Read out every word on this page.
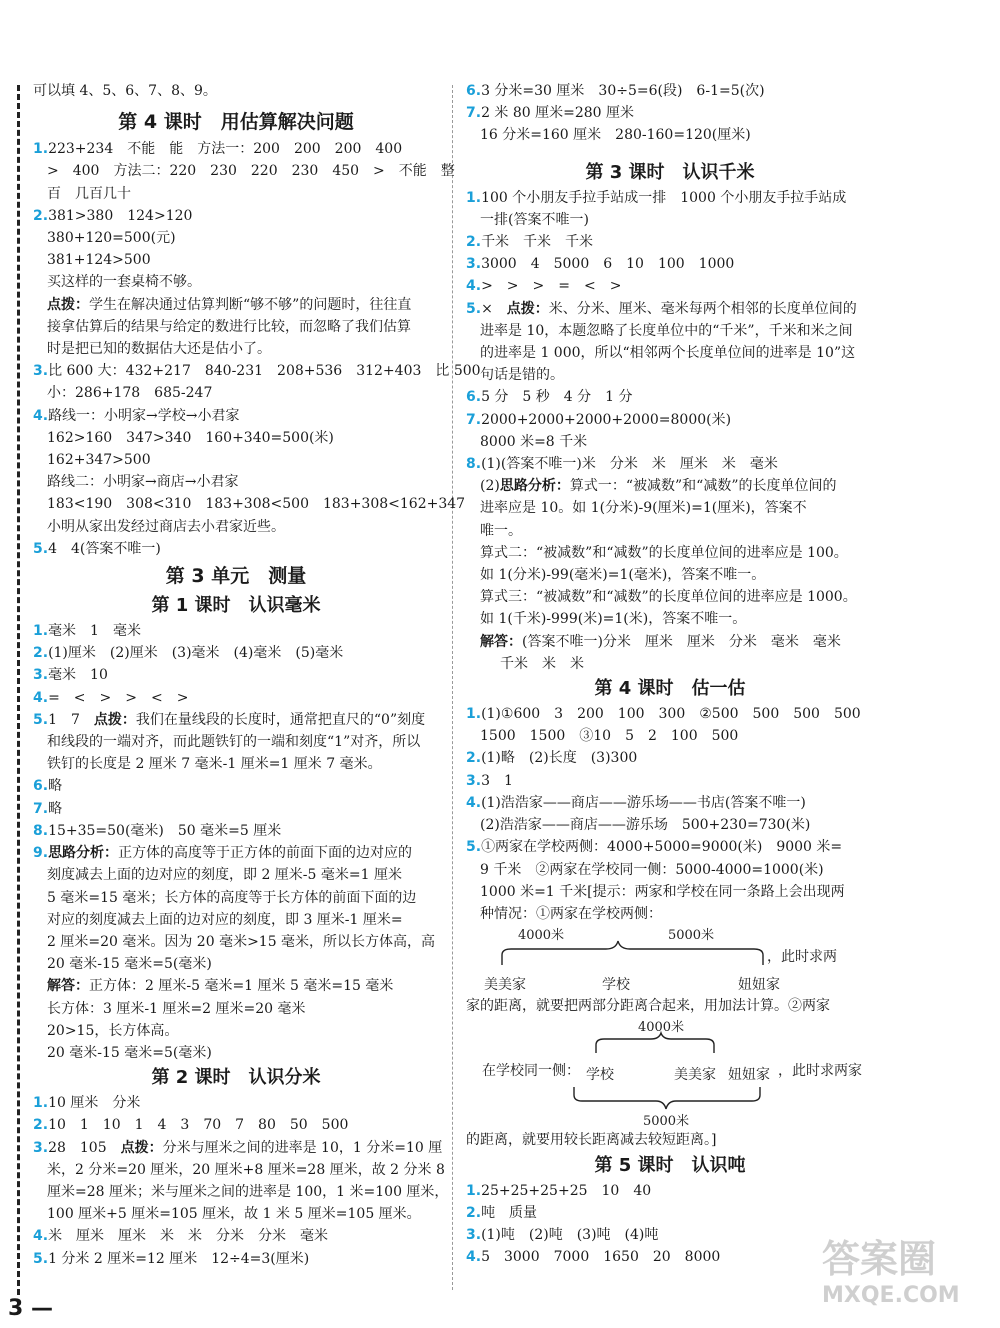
可以填 4、5、6、7、8、9。
第 4 课时　用估算解决问题
1.223+234　不能　能　方法一：200　200　200　400
>　400　方法二：220　230　220　230　450　>　不能　整
百　几百几十
2.381>380　124>120
380+120=500(元)
381+124>500
买这样的一套桌椅不够。
点拨：学生在解决通过估算判断“够不够”的问题时，往往直
接拿估算后的结果与给定的数进行比较，而忽略了我们估算
时是把已知的数据估大还是估小了。
3.比 600 大：432+217　840-231　208+536　312+403　比 500
小：286+178　685-247
4.路线一：小明家→学校→小君家
162>160　347>340　160+340=500(米)
162+347>500
路线二：小明家→商店→小君家
183<190　308<310　183+308<500　183+308<162+347
小明从家出发经过商店去小君家近些。
5.4　4(答案不唯一)
第 3 单元　测量
第 1 课时　认识毫米
1.毫米　1　毫米
2.(1)厘米　(2)厘米　(3)毫米　(4)毫米　(5)毫米
3.毫米　10
4.=　<　>　>　<　>
5.1　7　点拨：我们在量线段的长度时，通常把直尺的“0”刻度
和线段的一端对齐，而此题铁钉的一端和刻度“1”对齐，所以
铁钉的长度是 2 厘米 7 毫米-1 厘米=1 厘米 7 毫米。
6.略
7.略
8.15+35=50(毫米)　50 毫米=5 厘米
9.思路分析：正方体的高度等于正方体的前面下面的边对应的
刻度减去上面的边对应的刻度，即 2 厘米-5 毫米=1 厘米
5 毫米=15 毫米；长方体的高度等于长方体的前面下面的边
对应的刻度减去上面的边对应的刻度，即 3 厘米-1 厘米=
2 厘米=20 毫米。因为 20 毫米>15 毫米，所以长方体高，高
20 毫米-15 毫米=5(毫米)
解答：正方体：2 厘米-5 毫米=1 厘米 5 毫米=15 毫米
长方体：3 厘米-1 厘米=2 厘米=20 毫米
20>15，长方体高。
20 毫米-15 毫米=5(毫米)
第 2 课时　认识分米
1.10 厘米　分米
2.10　1　10　1　4　3　70　7　80　50　500
3.28　105　点拨：分米与厘米之间的进率是 10，1 分米=10 厘
米，2 分米=20 厘米，20 厘米+8 厘米=28 厘米，故 2 分米 8
厘米=28 厘米；米与厘米之间的进率是 100，1 米=100 厘米，
100 厘米+5 厘米=105 厘米，故 1 米 5 厘米=105 厘米。
4.米　厘米　厘米　米　米　分米　分米　毫米
5.1 分米 2 厘米=12 厘米　12÷4=3(厘米)
6.3 分米=30 厘米　30÷5=6(段)　6-1=5(次)
7.2 米 80 厘米=280 厘米
16 分米=160 厘米　280-160=120(厘米)
第 3 课时　认识千米
1.100 个小朋友手拉手站成一排　1000 个小朋友手拉手站成
一排(答案不唯一)
2.千米　千米　千米
3.3000　4　5000　6　10　100　1000
4.>　>　>　=　<　>
5.×　点拨：米、分米、厘米、毫米每两个相邻的长度单位间的
进率是 10，本题忽略了长度单位中的“千米”，千米和米之间
的进率是 1 000，所以“相邻两个长度单位间的进率是 10”这
句话是错的。
6.5 分　5 秒　4 分　1 分
7.2000+2000+2000+2000=8000(米)
8000 米=8 千米
8.(1)(答案不唯一)米　分米　米　厘米　米　毫米
(2)思路分析：算式一：“被减数”和“减数”的长度单位间的
进率应是 10。如 1(分米)-9(厘米)=1(厘米)，答案不
唯一。
算式二：“被减数”和“减数”的长度单位间的进率应是 100。
如 1(分米)-99(毫米)=1(毫米)，答案不唯一。
算式三：“被减数”和“减数”的长度单位间的进率应是 1000。
如 1(千米)-999(米)=1(米)，答案不唯一。
解答：(答案不唯一)分米　厘米　厘米　分米　毫米　毫米
千米　米　米
第 4 课时　估一估
1.(1)①600　3　200　100　300　②500　500　500　500
1500　1500　③10　5　2　100　500
2.(1)略　(2)长度　(3)300
3.3　1
4.(1)浩浩家——商店——游乐场——书店(答案不唯一)
(2)浩浩家——商店——游乐场　500+230=730(米)
5.①两家在学校两侧：4000+5000=9000(米)　9000 米=
9 千米　②两家在学校同一侧：5000-4000=1000(米)
1000 米=1 千米[提示：两家和学校在同一条路上会出现两
种情况：①两家在学校两侧：
4000米	5000米
，此时求两
美美家	学校	妞妞家
家的距离，就要把两部分距离合起来，用加法计算。②两家
4000米
在学校同一侧： 学校	美美家 妞妞家 ，此时求两家
5000米
的距离，就要用较长距离减去较短距离。]
第 5 课时　认识吨
1.25+25+25+25　10　40
2.吨　质量
3.(1)吨　(2)吨　(3)吨　(4)吨
4.5　3000　7000　1650　20　8000
3 —
答案圈
MXQE.COM
